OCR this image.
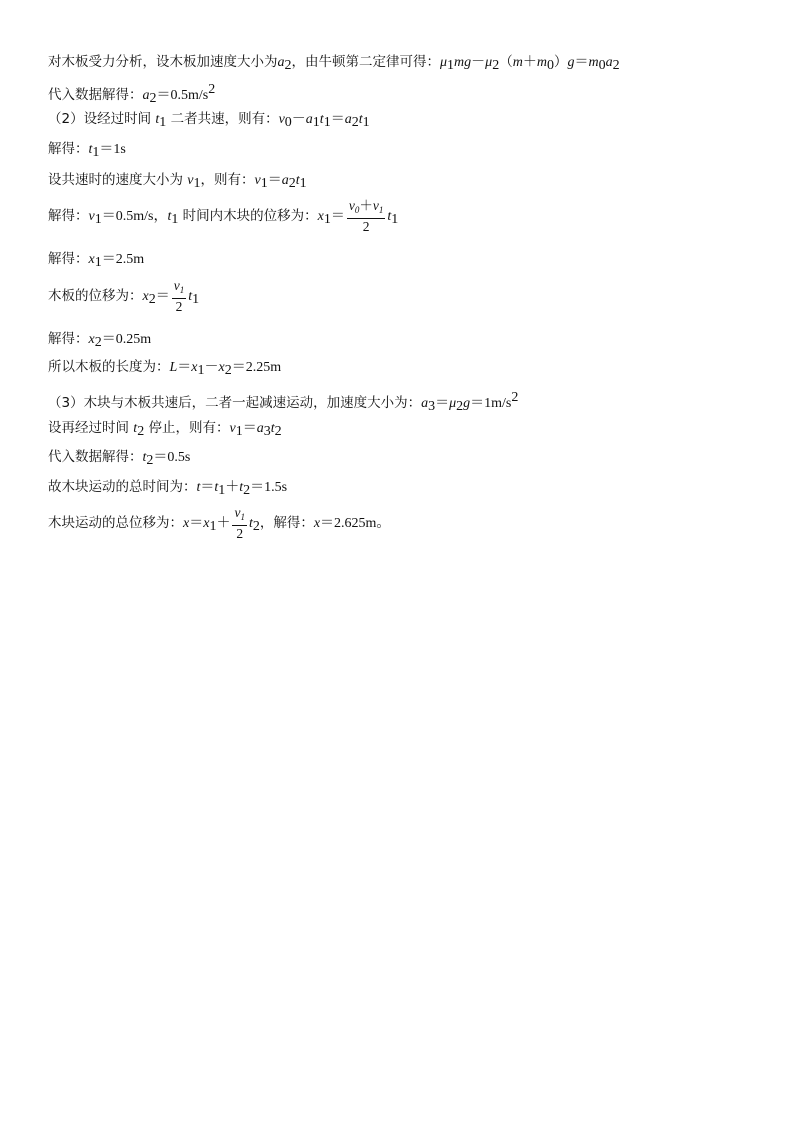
对木板受力分析，设木板加速度大小为$a_2$，由牛顿第二定律可得：$\mu_1mg-\mu_2(m+m_0)g=m_0a_2$
代入数据解得：$a_2=0.5m/s^2$
（2）设经过时间 $t_1$ 二者共速，则有：$v_0-a_1t_1=a_2t_1$
解得：$t_1=1s$
设共速时的速度大小为 $v_1$，则有：$v_1=a_2t_1$
解得：$v_1=0.5m/s$，$t_1$ 时间内木块的位移为：$x_1= \frac{v_0+v_1}{2} t_1$
解得：$x_1=2.5m$
木板的位移为：$x_2= \frac{v_1}{2} t_1$
解得：$x_2=0.25m$
所以木板的长度为：$L=x_1-x_2=2.25m$
（3）木块与木板共速后，二者一起减速运动，加速度大小为：$a_3=\mu_2g=1m/s^2$
设再经过时间 $t_2$ 停止，则有：$v_1=a_3t_2$
代入数据解得：$t_2=0.5s$
故木块运动的总时间为：$t=t_1+t_2=1.5s$
木块运动的总位移为：$x=x_1+ \frac{v_1}{2} t_2$，解得：x＝2.625m。
